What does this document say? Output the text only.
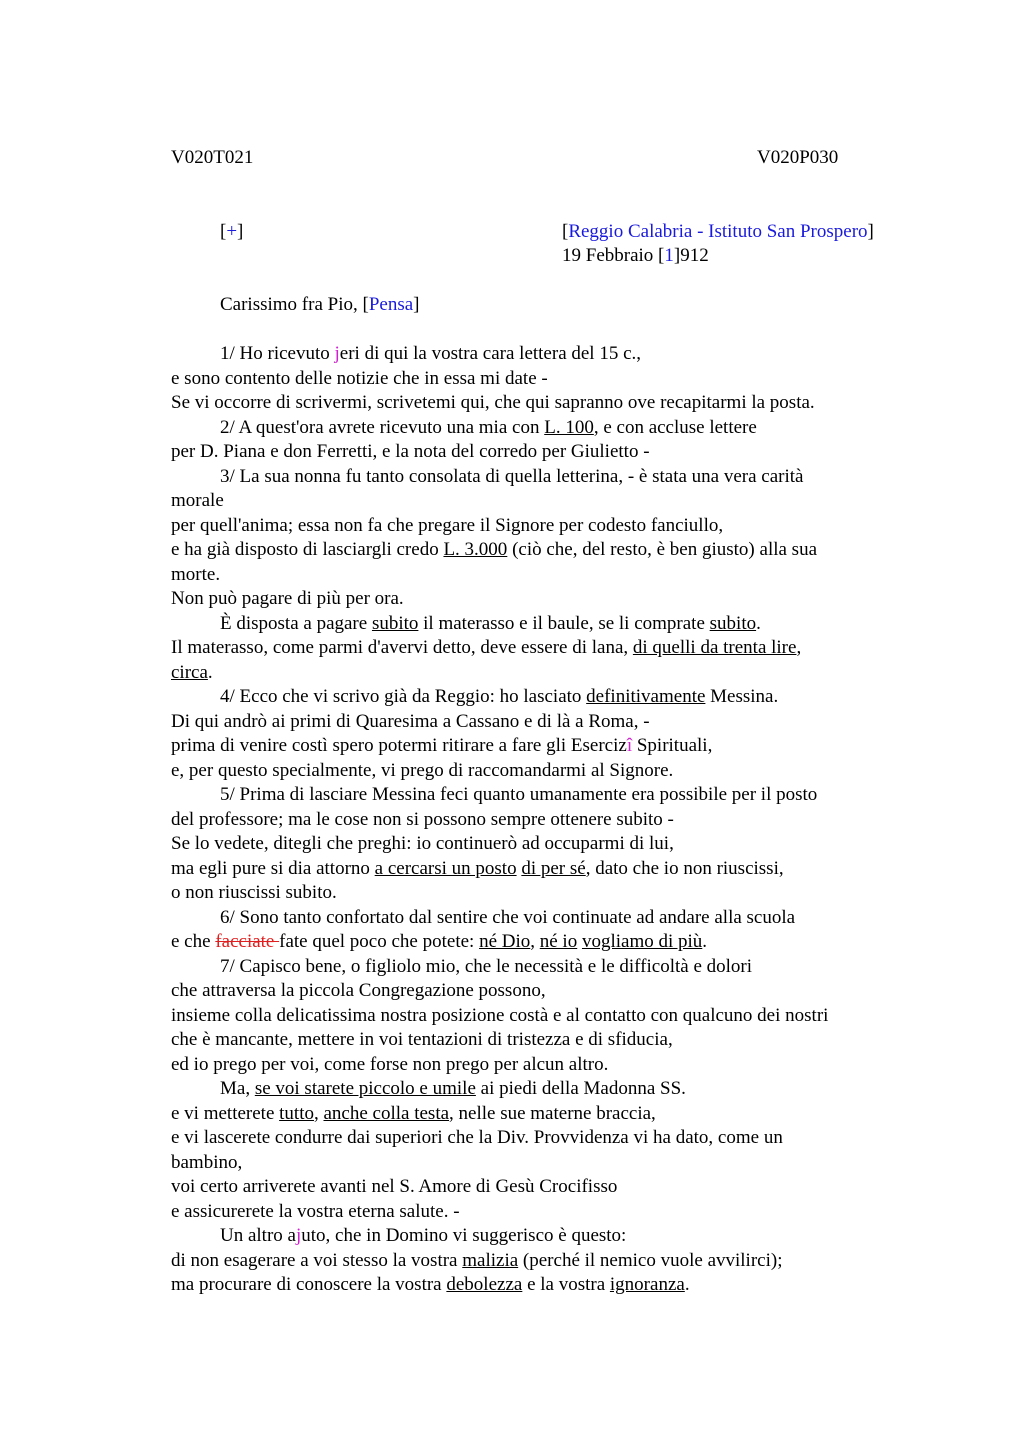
V020T021	V020P030
[+]	[Reggio Calabria - Istituto San Prospero]
19 Febbraio [1]912
Carissimo fra Pio, [Pensa]
1/ Ho ricevuto jeri di qui la vostra cara lettera del 15 c.,
e sono contento delle notizie che in essa mi date -
Se vi occorre di scrivermi, scrivetemi qui, che qui sapranno ove recapitarmi la posta.
2/ A quest'ora avrete ricevuto una mia con L. 100, e con accluse lettere
per D. Piana e don Ferretti, e la nota del corredo per Giulietto -
3/ La sua nonna fu tanto consolata di quella letterina, - è stata una vera carità
morale
per quell'anima; essa non fa che pregare il Signore per codesto fanciullo,
e ha già disposto di lasciargli credo L. 3.000 (ciò che, del resto, è ben giusto) alla sua
morte.
Non può pagare di più per ora.
È disposta a pagare subito il materasso e il baule, se li comprate subito.
Il materasso, come parmi d'avervi detto, deve essere di lana, di quelli da trenta lire,
circa.
4/ Ecco che vi scrivo già da Reggio: ho lasciato definitivamente Messina.
Di qui andrò ai primi di Quaresima a Cassano e di là a Roma, -
prima di venire costì spero potermi ritirare a fare gli Esercizî Spirituali,
e, per questo specialmente, vi prego di raccomandarmi al Signore.
5/ Prima di lasciare Messina feci quanto umanamente era possibile per il posto
del professore; ma le cose non si possono sempre ottenere subito -
Se lo vedete, ditegli che preghi: io continuerò ad occuparmi di lui,
ma egli pure si dia attorno a cercarsi un posto di per sé, dato che io non riuscissi,
o non riuscissi subito.
6/ Sono tanto confortato dal sentire che voi continuate ad andare alla scuola
e che facciate fate quel poco che potete: né Dio, né io vogliamo di più.
7/ Capisco bene, o figliolo mio, che le necessità e le difficoltà e dolori
che attraversa la piccola Congregazione possono,
insieme colla delicatissima nostra posizione costà e al contatto con qualcuno dei nostri
che è mancante, mettere in voi tentazioni di tristezza e di sfiducia,
ed io prego per voi, come forse non prego per alcun altro.
Ma, se voi starete piccolo e umile ai piedi della Madonna SS.
e vi metterete tutto, anche colla testa, nelle sue materne braccia,
e vi lascerete condurre dai superiori che la Div. Provvidenza vi ha dato, come un
bambino,
voi certo arriverete avanti nel S. Amore di Gesù Crocifisso
e assicurerete la vostra eterna salute. -
Un altro ajuto, che in Domino vi suggerisco è questo:
di non esagerare a voi stesso la vostra malizia (perché il nemico vuole avvilirci);
ma procurare di conoscere la vostra debolezza e la vostra ignoranza.
